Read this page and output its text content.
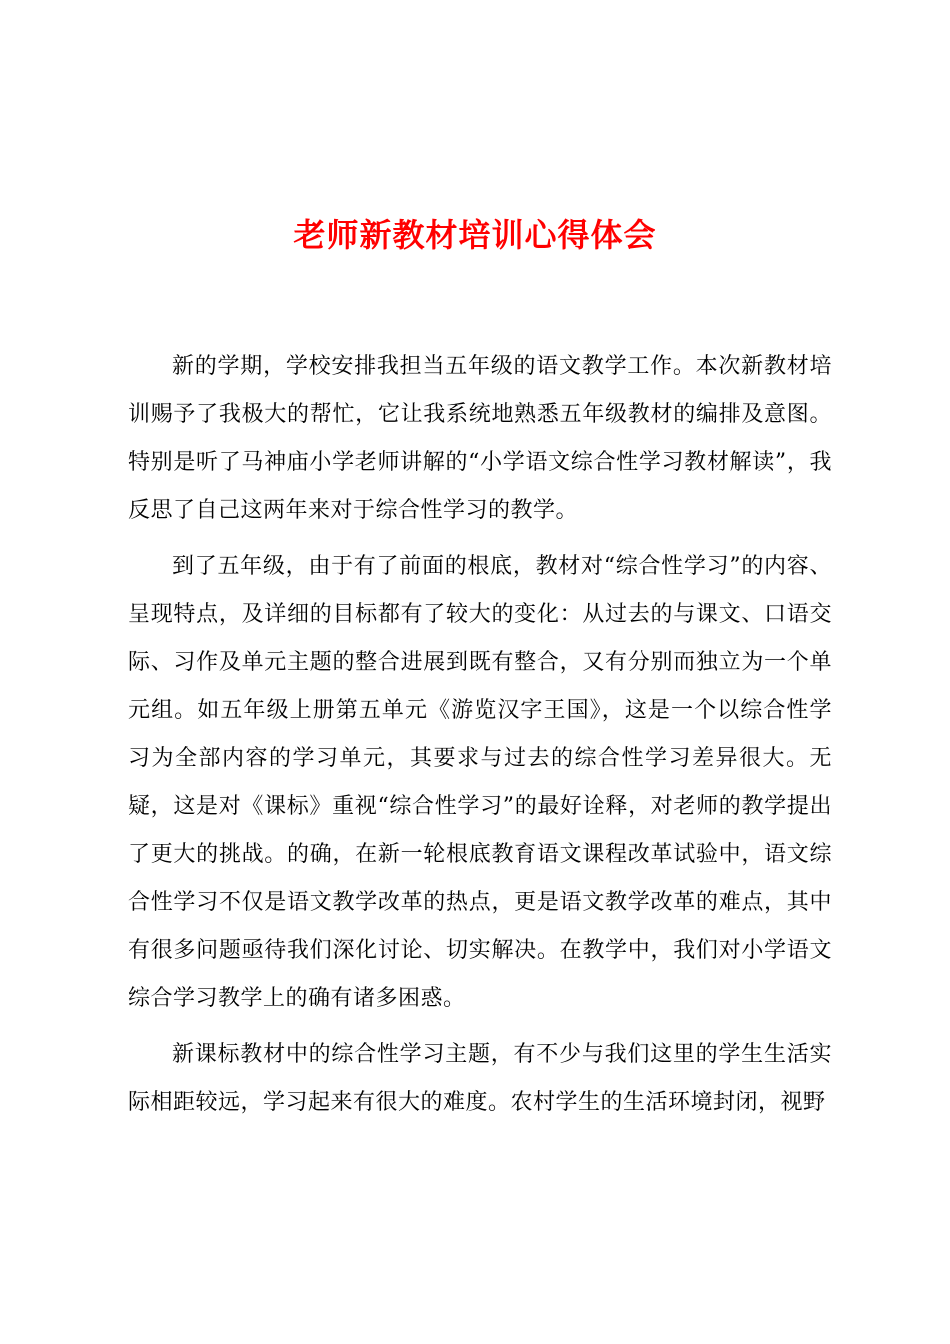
老师新教材培训心得体会

新的学期，学校安排我担当五年级的语文教学工作。本次新教材培训赐予了我极大的帮忙，它让我系统地熟悉五年级教材的编排及意图。特别是听了马神庙小学老师讲解的“小学语文综合性学习教材解读”，我反思了自己这两年来对于综合性学习的教学。

到了五年级，由于有了前面的根底，教材对“综合性学习”的内容、呈现特点，及详细的目标都有了较大的变化：从过去的与课文、口语交际、习作及单元主题的整合进展到既有整合，又有分别而独立为一个单元组。如五年级上册第五单元《游览汉字王国》，这是一个以综合性学习为全部内容的学习单元，其要求与过去的综合性学习差异很大。无疑，这是对《课标》重视“综合性学习”的最好诠释，对老师的教学提出了更大的挑战。的确，在新一轮根底教育语文课程改革试验中，语文综合性学习不仅是语文教学改革的热点，更是语文教学改革的难点，其中有很多问题亟待我们深化讨论、切实解决。在教学中，我们对小学语文综合学习教学上的确有诸多困惑。

新课标教材中的综合性学习主题，有不少与我们这里的学生生活实际相距较远，学习起来有很大的难度。农村学生的生活环境封闭，视野
